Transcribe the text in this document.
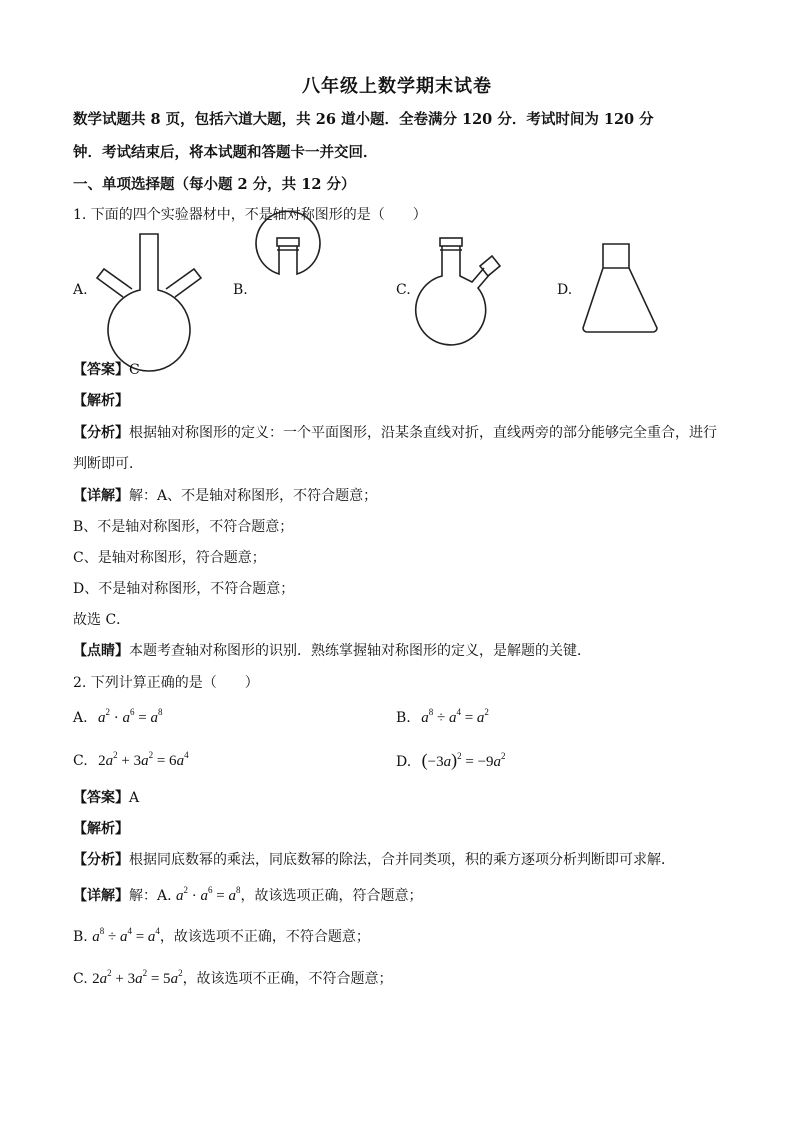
八年级上数学期末试卷
数学试题共 8 页，包括六道大题，共 26 道小题．全卷满分 120 分．考试时间为 120 分
钟．考试结束后，将本试题和答题卡一并交回．
一、单项选择题（每小题 2 分，共 12 分）
1. 下面的四个实验器材中，不是轴对称图形的是（　　）
A.	B.	C.	D.
【答案】C
【解析】
【分析】根据轴对称图形的定义：一个平面图形，沿某条直线对折，直线两旁的部分能够完全重合，进行
判断即可．
【详解】解：A、不是轴对称图形，不符合题意；
B、不是轴对称图形，不符合题意；
C、是轴对称图形，符合题意；
D、不是轴对称图形，不符合题意；
故选 C．
【点睛】本题考查轴对称图形的识别．熟练掌握轴对称图形的定义，是解题的关键．
2. 下列计算正确的是（　　）
A. $a^2 \cdot a^6 = a^8$	B. $a^8 \div a^4 = a^2$
C. $2a^2 + 3a^2 = 6a^4$	D. $(-3a)^2 = -9a^2$
【答案】A
【解析】
【分析】根据同底数幂的乘法，同底数幂的除法，合并同类项，积的乘方逐项分析判断即可求解．
【详解】解：A. $a^2 \cdot a^6 = a^8$，故该选项正确，符合题意；
B. $a^8 \div a^4 = a^4$，故该选项不正确，不符合题意；
C. $2a^2 + 3a^2 = 5a^2$，故该选项不正确，不符合题意；
